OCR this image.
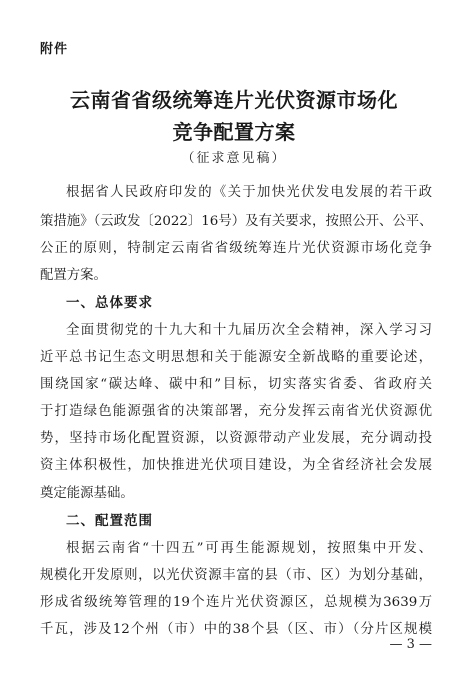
附件
云南省省级统筹连片光伏资源市场化
竞争配置方案
（征求意见稿）
根据省人民政府印发的《关于加快光伏发电发展的若干政
策措施》（云政发〔2022〕16号）及有关要求，按照公开、公平、
公正的原则，特制定云南省省级统筹连片光伏资源市场化竞争
配置方案。
一、总体要求
全面贯彻党的十九大和十九届历次全会精神，深入学习习
近平总书记生态文明思想和关于能源安全新战略的重要论述，
围绕国家“碳达峰、碳中和”目标，切实落实省委、省政府关
于打造绿色能源强省的决策部署，充分发挥云南省光伏资源优
势，坚持市场化配置资源，以资源带动产业发展，充分调动投
资主体积极性，加快推进光伏项目建设，为全省经济社会发展
奠定能源基础。
二、配置范围
根据云南省“十四五”可再生能源规划，按照集中开发、
规模化开发原则，以光伏资源丰富的县（市、区）为划分基础，
形成省级统筹管理的19个连片光伏资源区，总规模为3639万
千瓦，涉及12个州（市）中的38个县（区、市）（分片区规模
— 3 —
